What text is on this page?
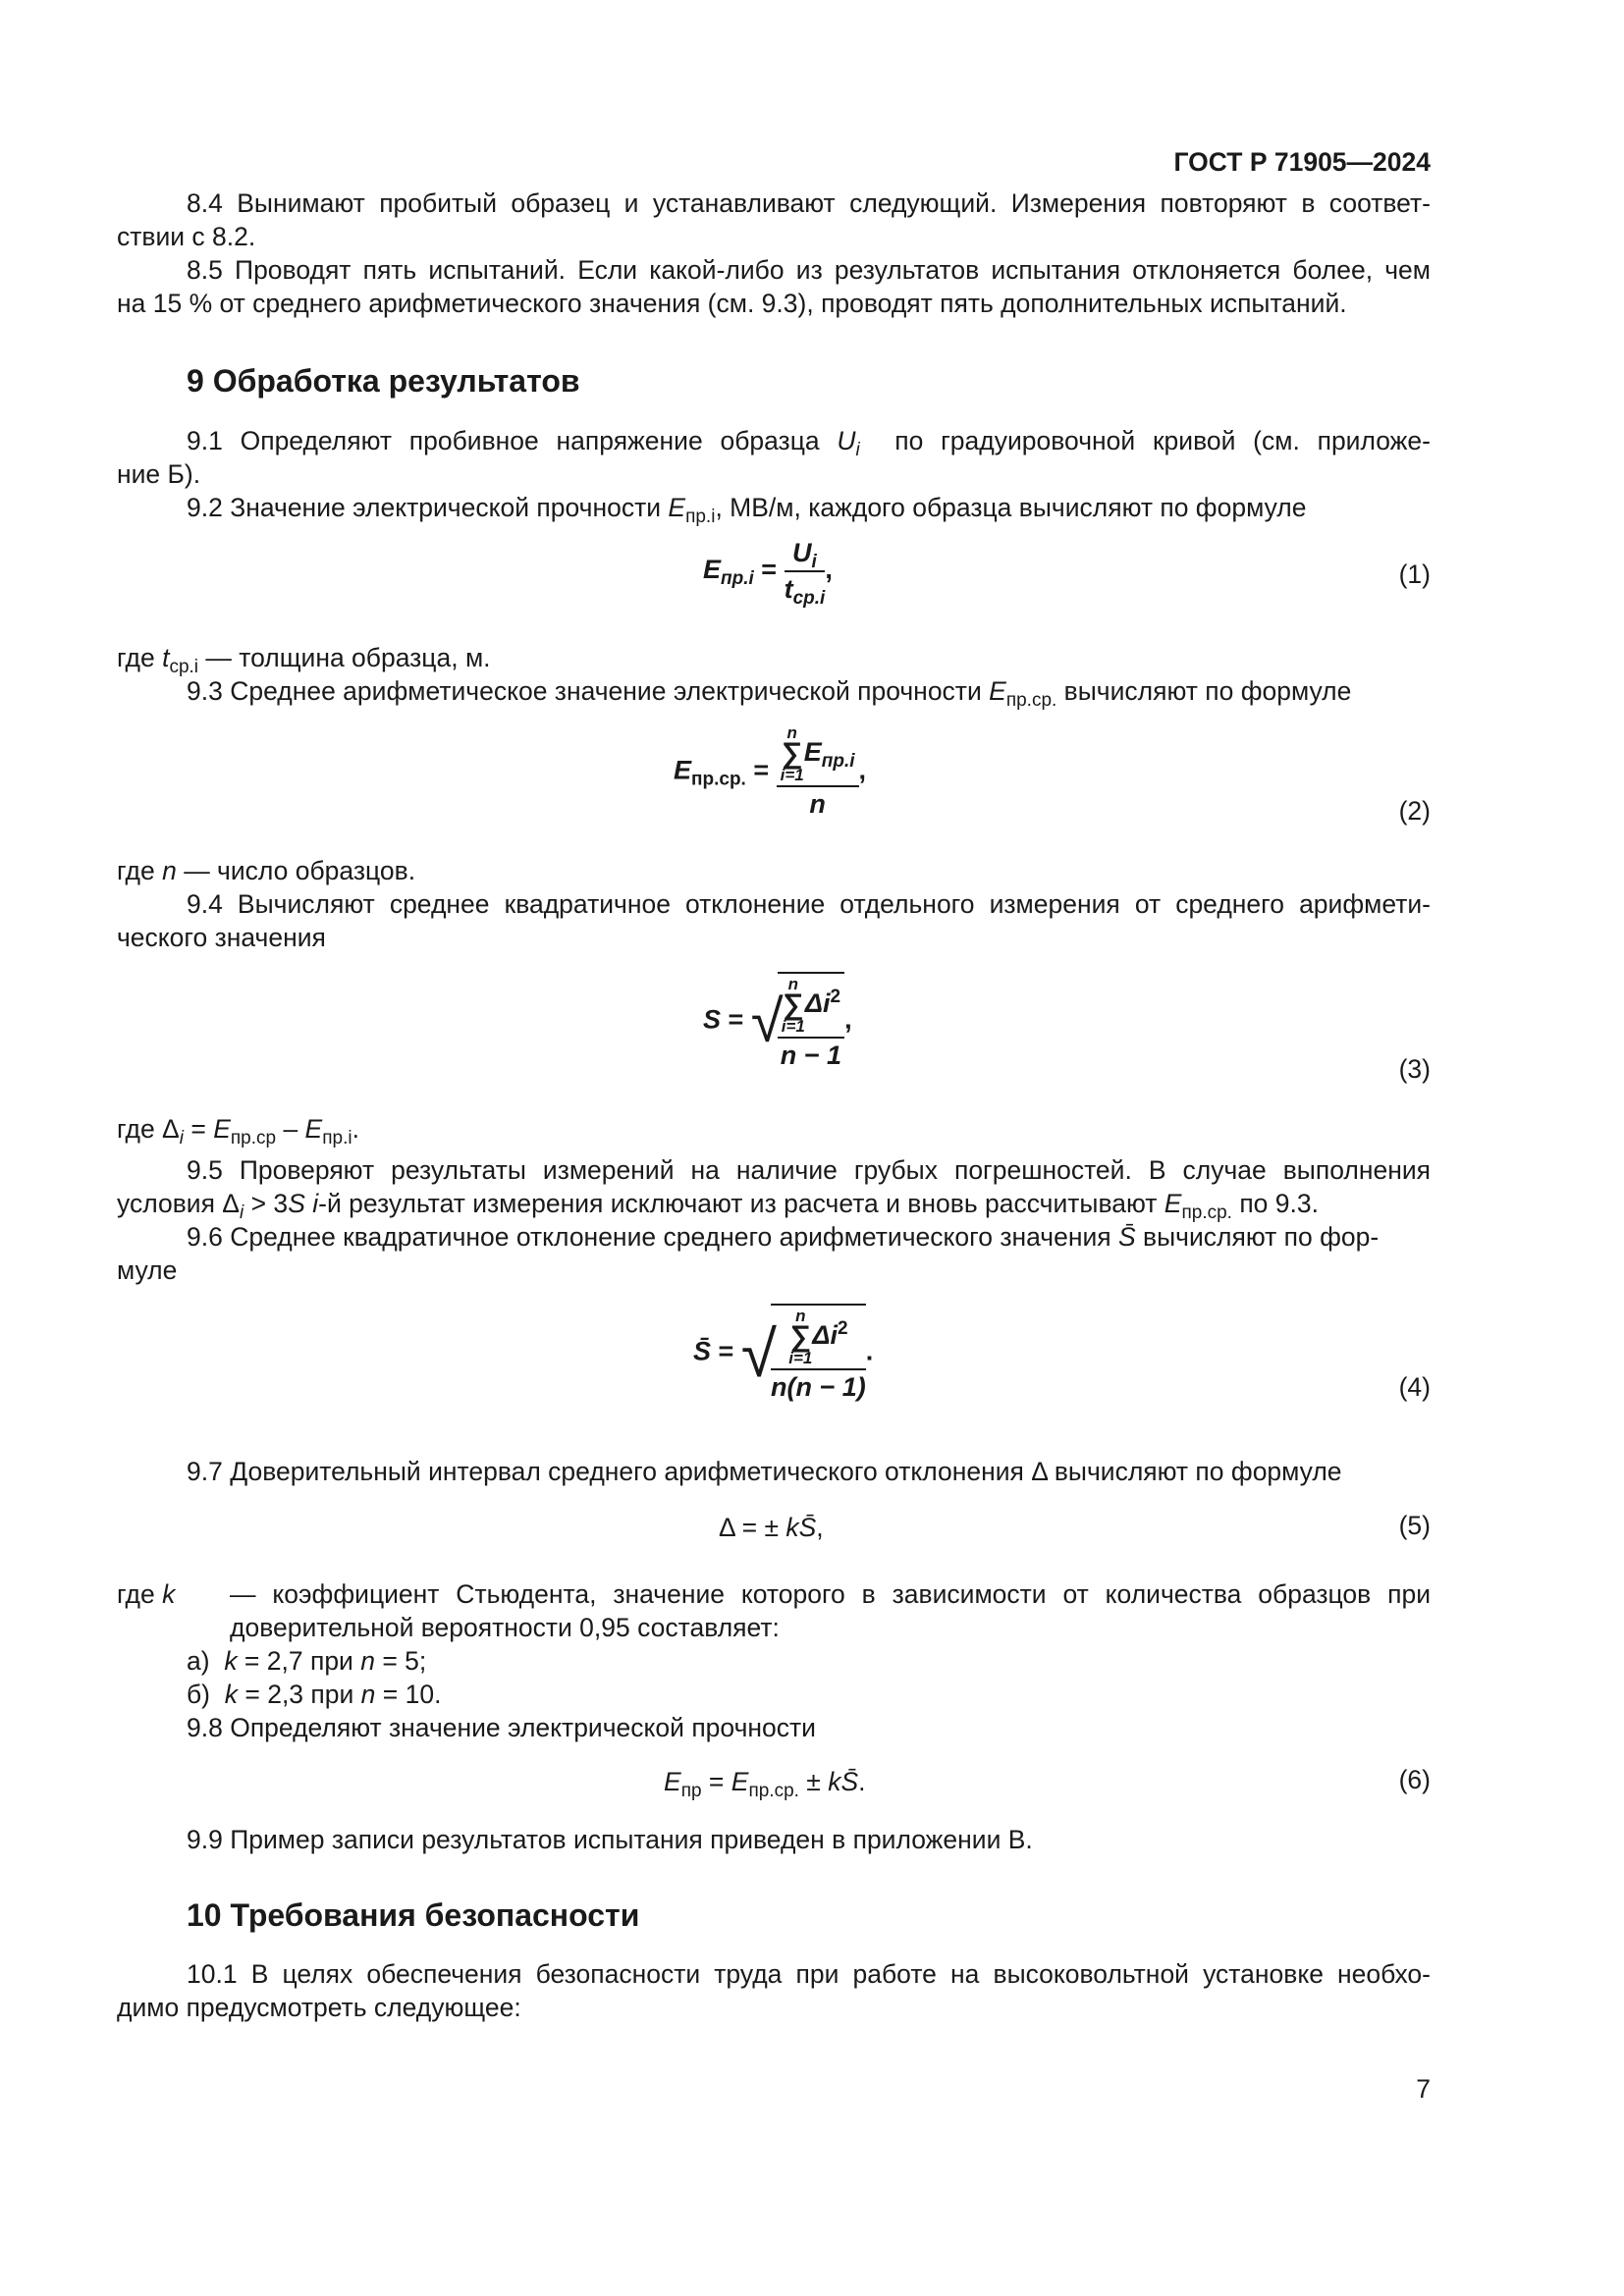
ГОСТ Р 71905—2024
8.4 Вынимают пробитый образец и устанавливают следующий. Измерения повторяют в соответ-
ствии с 8.2.
8.5 Проводят пять испытаний. Если какой-либо из результатов испытания отклоняется более, чем
на 15 % от среднего арифметического значения (см. 9.3), проводят пять дополнительных испытаний.
9 Обработка результатов
9.1 Определяют пробивное напряжение образца $U_i$ по градуировочной кривой (см. приложе-
ние Б).
9.2 Значение электрической прочности $E_{пр.i}$, МВ/м, каждого образца вычисляют по формуле
$E_{пр.i} = \frac{U_i}{t_{ср.i}}$ ,	(1)
где $t_{ср.i}$ — толщина образца, м.
9.3 Среднее арифметическое значение электрической прочности $E_{пр.ср.}$ вычисляют по формуле
$E_{пр.ср.} = n$
∑
i=1
$E_{пр.i}$
n ,
(2)
где n — число образцов.
9.4 Вычисляют среднее квадратичное отклонение отдельного измерения от среднего арифмети-
ческого значения
S = √
n
∑
i=1
$\Delta i^2$
n − 1 ,
(3)
где $\Delta_i = E_{пр.ср} - E_{пр.i}$.
9.5 Проверяют результаты измерений на наличие грубых погрешностей. В случае выполнения
условия $\Delta_i > 3S$ i-й результат измерения исключают из расчета и вновь рассчитывают $E_{пр.ср.}$ по 9.3.
9.6 Среднее квадратичное отклонение среднего арифметического значения S̄ вычисляют по фор-
муле
S̄ = √
n
∑
i=1
$\Delta i^2$
n(n − 1) .
(4)
9.7 Доверительный интервал среднего арифметического отклонения Δ вычисляют по формуле
Δ = ± kS̄,	(5)
где k — коэффициент Стьюдента, значение которого в зависимости от количества образцов при
доверительной вероятности 0,95 составляет:
а) k = 2,7 при n = 5;
б) k = 2,3 при n = 10.
9.8 Определяют значение электрической прочности
$E_{пр} = E_{пр.ср.}$ ± kS̄.	(6)
9.9 Пример записи результатов испытания приведен в приложении В.
10 Требования безопасности
10.1 В целях обеспечения безопасности труда при работе на высоковольтной установке необхо-
димо предусмотреть следующее:
7
